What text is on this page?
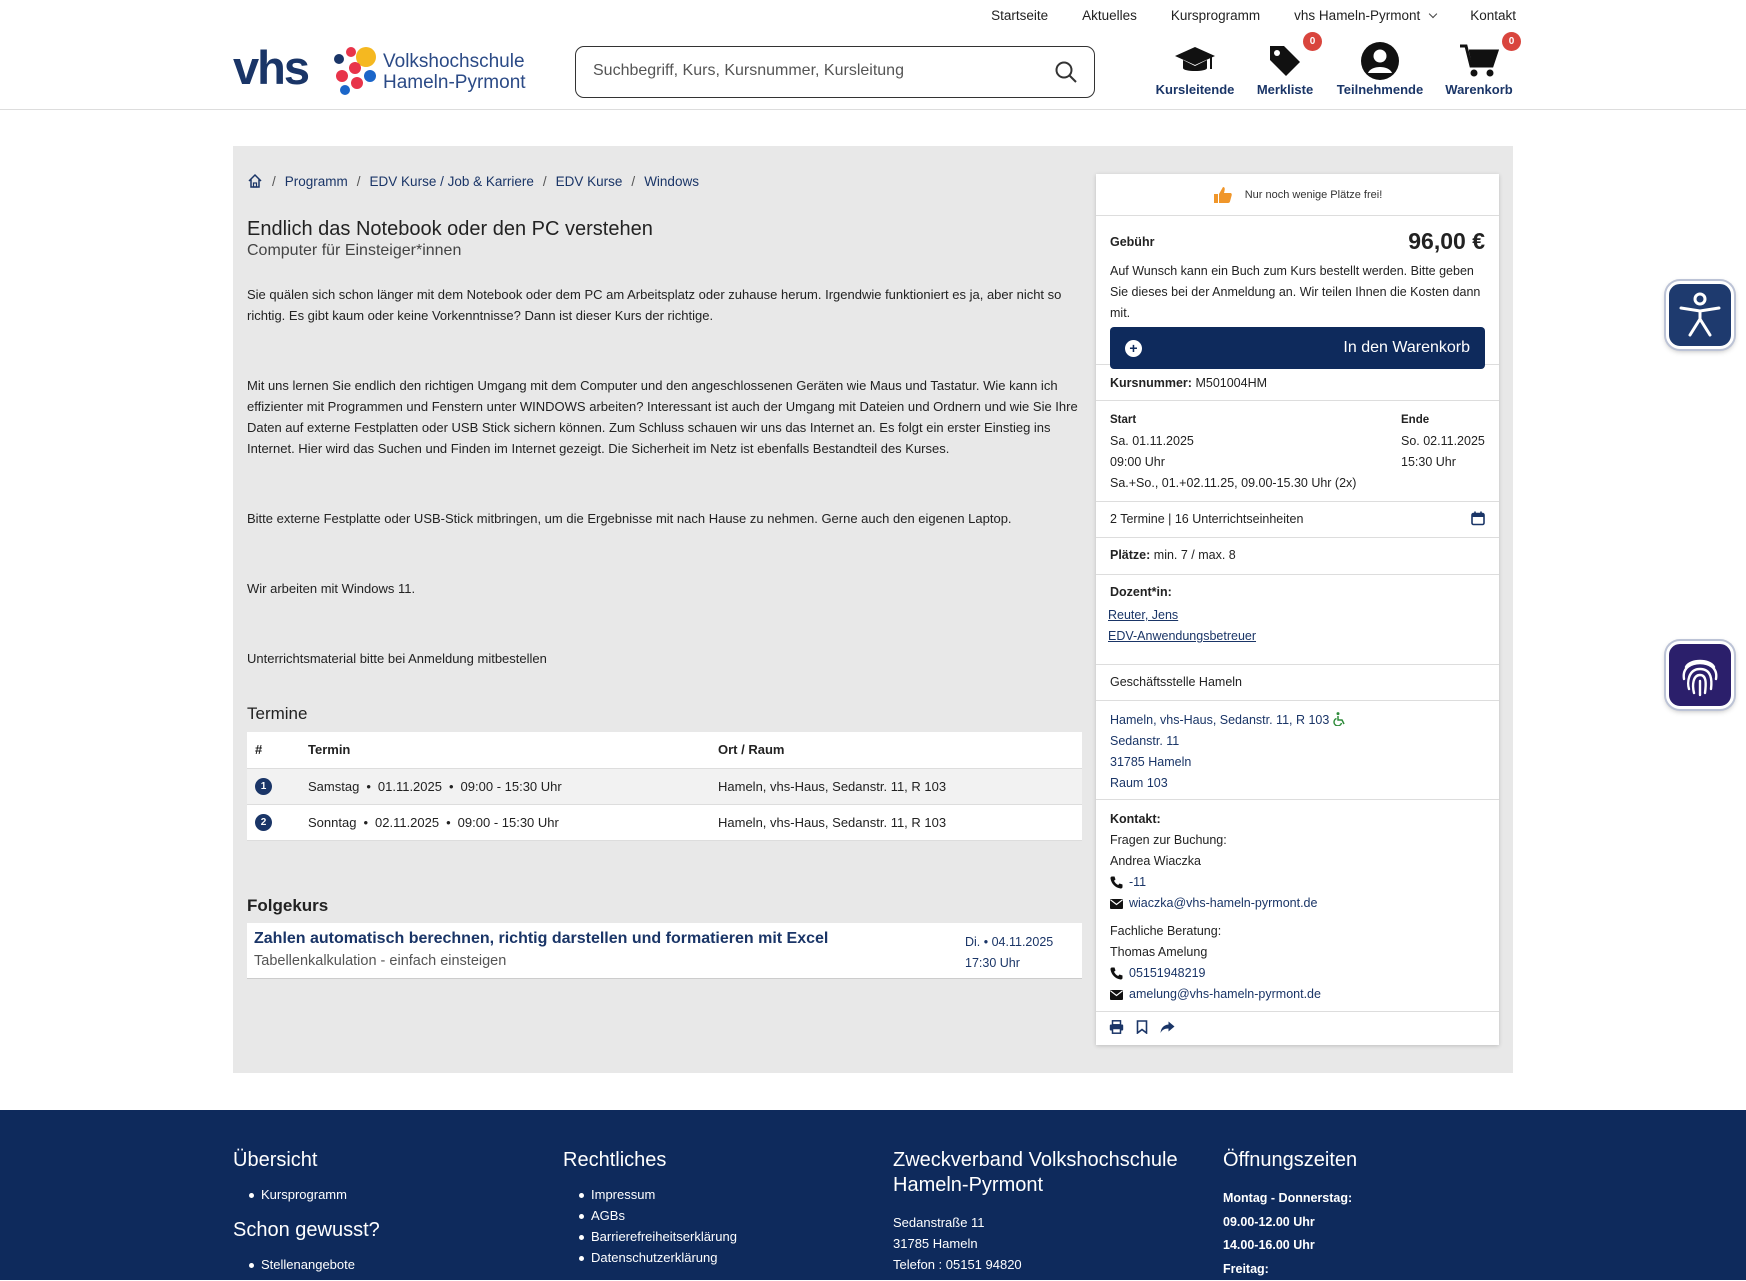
Startseite	Aktuelles	Kursprogramm	vhs Hameln-Pyrmont	Kontakt
vhs	Volkshochschule
Hameln-Pyrmont
Suchbegriff, Kurs, Kursnummer, Kursleitung	Kursleitende
0
Merkliste Teilnehmende
0
Warenkorb
/ Programm / EDV Kurse / Job & Karriere / EDV Kurse / Windows
Endlich das Notebook oder den PC verstehen
Computer für Einsteiger*innen

Sie quälen sich schon länger mit dem Notebook oder dem PC am Arbeitsplatz oder zuhause herum. Irgendwie funktioniert es ja, aber nicht so richtig. Es gibt kaum oder keine Vorkenntnisse? Dann ist dieser Kurs der richtige.

Mit uns lernen Sie endlich den richtigen Umgang mit dem Computer und den angeschlossenen Geräten wie Maus und Tastatur. Wie kann ich effizienter mit Programmen und Fenstern unter WINDOWS arbeiten? Interessant ist auch der Umgang mit Dateien und Ordnern und wie Sie Ihre Daten auf externe Festplatten oder USB Stick sichern können. Zum Schluss schauen wir uns das Internet an. Es folgt ein erster Einstieg ins Internet. Hier wird das Suchen und Finden im Internet gezeigt. Die Sicherheit im Netz ist ebenfalls Bestandteil des Kurses.

Bitte externe Festplatte oder USB-Stick mitbringen, um die Ergebnisse mit nach Hause zu nehmen. Gerne auch den eigenen Laptop.

Wir arbeiten mit Windows 11.

Unterrichtsmaterial bitte bei Anmeldung mitbestellen

Termine
#	Termin	Ort / Raum
1	Samstag • 01.11.2025 • 09:00 - 15:30 Uhr	Hameln, vhs-Haus, Sedanstr. 11, R 103
2	Sonntag • 02.11.2025 • 09:00 - 15:30 Uhr	Hameln, vhs-Haus, Sedanstr. 11, R 103
Folgekurs
Zahlen automatisch berechnen, richtig darstellen und formatieren mit Excel
Tabellenkalkulation - einfach einsteigen
Di. • 04.11.2025
17:30 Uhr
Nur noch wenige Plätze frei!
Gebühr	96,00 €
Auf Wunsch kann ein Buch zum Kurs bestellt werden. Bitte geben Sie dieses bei der Anmeldung an. Wir teilen Ihnen die Kosten dann mit.
+	In den Warenkorb
Kursnummer: M501004HM
Start
Sa. 01.11.2025
09:00 Uhr
Sa.+So., 01.+02.11.25, 09.00-15.30 Uhr (2x)
Ende
So. 02.11.2025
15:30 Uhr
2 Termine | 16 Unterrichtseinheiten
Plätze: min. 7 / max. 8
Dozent*in:
Reuter, Jens
EDV-Anwendungsbetreuer
Geschäftsstelle Hameln
Hameln, vhs-Haus, Sedanstr. 11, R 103
Sedanstr. 11
31785 Hameln
Raum 103
Kontakt:
Fragen zur Buchung:
Andrea Wiaczka
-11
wiaczka@vhs-hameln-pyrmont.de
Fachliche Beratung:
Thomas Amelung
05151948219
amelung@vhs-hameln-pyrmont.de
Übersicht
Kursprogramm
Schon gewusst?
Stellenangebote
Rechtliches
Impressum
AGBs
Barrierefreiheitserklärung
Datenschutzerklärung
Zweckverband Volkshochschule Hameln-Pyrmont
Sedanstraße 11
31785 Hameln
Telefon : 05151 94820
Öffnungszeiten
Montag - Donnerstag:
09.00-12.00 Uhr
14.00-16.00 Uhr
Freitag:
